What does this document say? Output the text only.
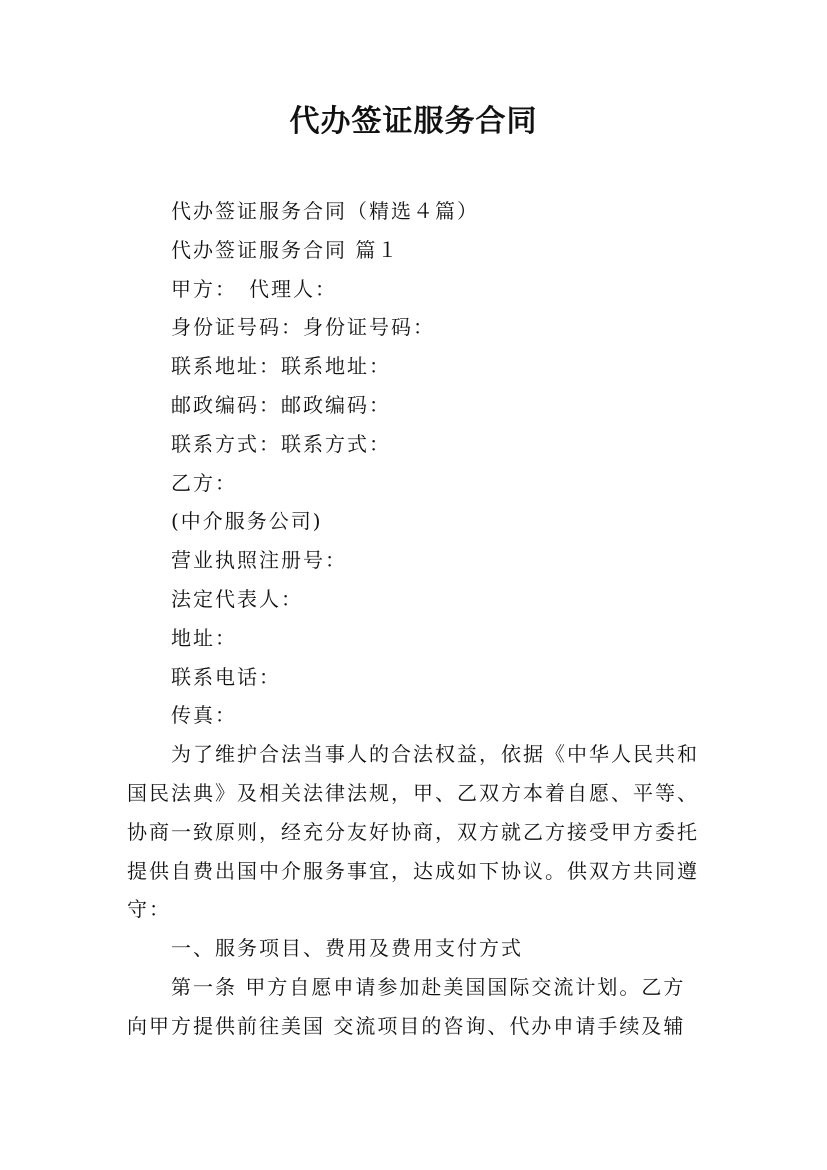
代办签证服务合同

代办签证服务合同（精选４篇）

代办签证服务合同 篇１

甲方：　代理人：

身份证号码：身份证号码：

联系地址：联系地址：

邮政编码：邮政编码：

联系方式：联系方式：

乙方：

(中介服务公司)

营业执照注册号：

法定代表人：

地址：

联系电话：

传真：

为了维护合法当事人的合法权益，依据《中华人民共和

国民法典》及相关法律法规，甲、乙双方本着自愿、平等、

协商一致原则，经充分友好协商，双方就乙方接受甲方委托

提供自费出国中介服务事宜，达成如下协议。供双方共同遵

守：

一、服务项目、费用及费用支付方式

第一条 甲方自愿申请参加赴美国国际交流计划。乙方

向甲方提供前往美国 交流项目的咨询、代办申请手续及辅
